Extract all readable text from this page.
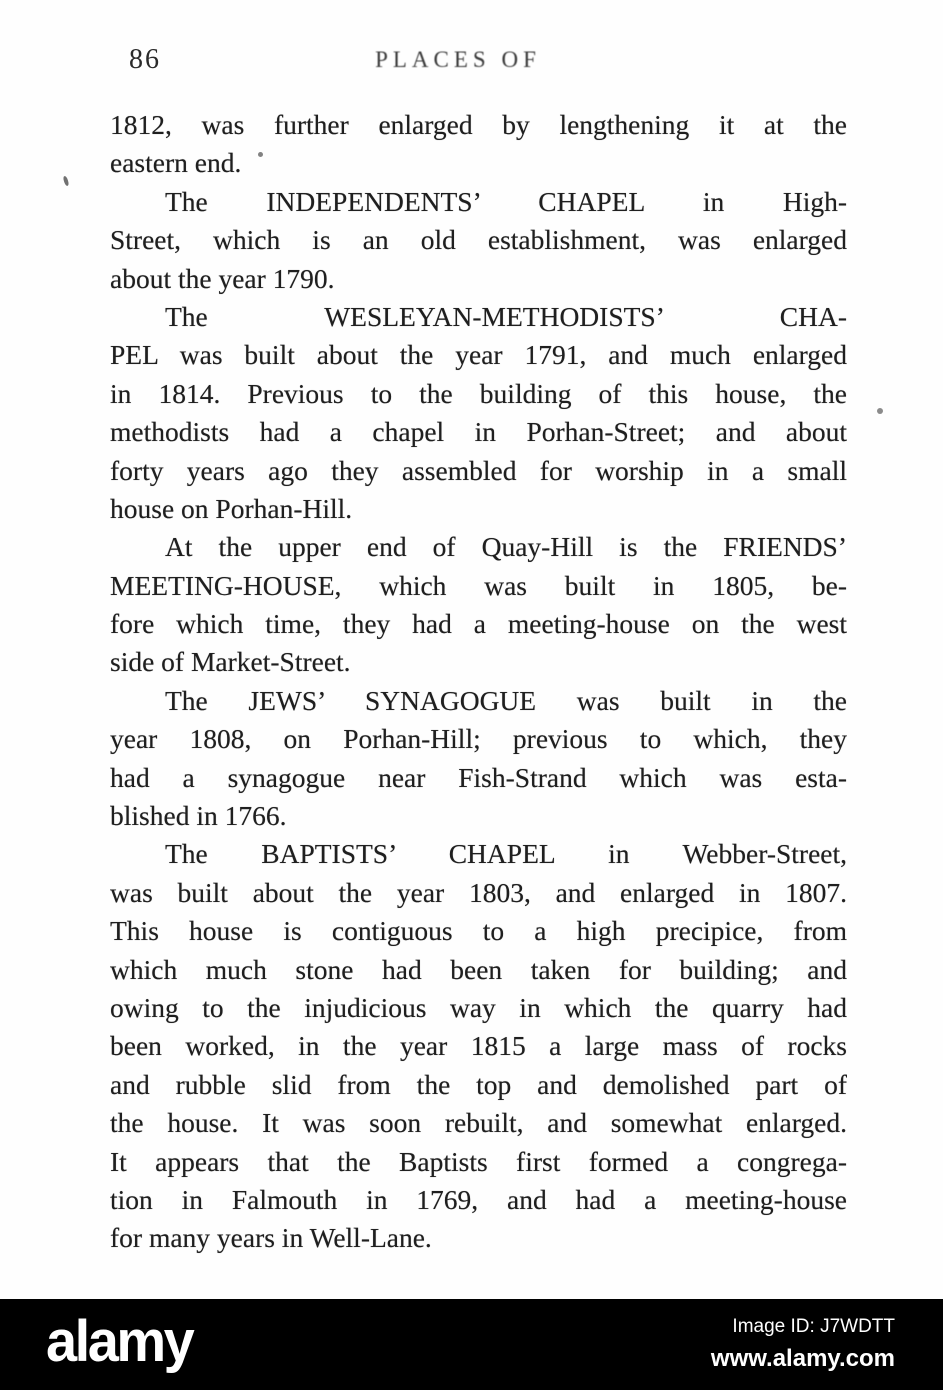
86	PLACES OF
1812, was further enlarged by lengthening it at the
eastern end.
The INDEPENDENTS’ CHAPEL in High-
Street, which is an old establishment, was enlarged
about the year 1790.
The WESLEYAN-METHODISTS’ CHA-
PEL was built about the year 1791, and much enlarged
in 1814. Previous to the building of this house, the
methodists had a chapel in Porhan-Street; and about
forty years ago they assembled for worship in a small
house on Porhan-Hill.
At the upper end of Quay-Hill is the FRIENDS’
MEETING-HOUSE, which was built in 1805, be-
fore which time, they had a meeting-house on the west
side of Market-Street.
The JEWS’ SYNAGOGUE was built in the
year 1808, on Porhan-Hill; previous to which, they
had a synagogue near Fish-Strand which was esta-
blished in 1766.
The BAPTISTS’ CHAPEL in Webber-Street,
was built about the year 1803, and enlarged in 1807.
This house is contiguous to a high precipice, from
which much stone had been taken for building; and
owing to the injudicious way in which the quarry had
been worked, in the year 1815 a large mass of rocks
and rubble slid from the top and demolished part of
the house. It was soon rebuilt, and somewhat enlarged.
It appears that the Baptists first formed a congrega-
tion in Falmouth in 1769, and had a meeting-house
for many years in Well-Lane.
alamy	Image ID: J7WDTT
www.alamy.com
